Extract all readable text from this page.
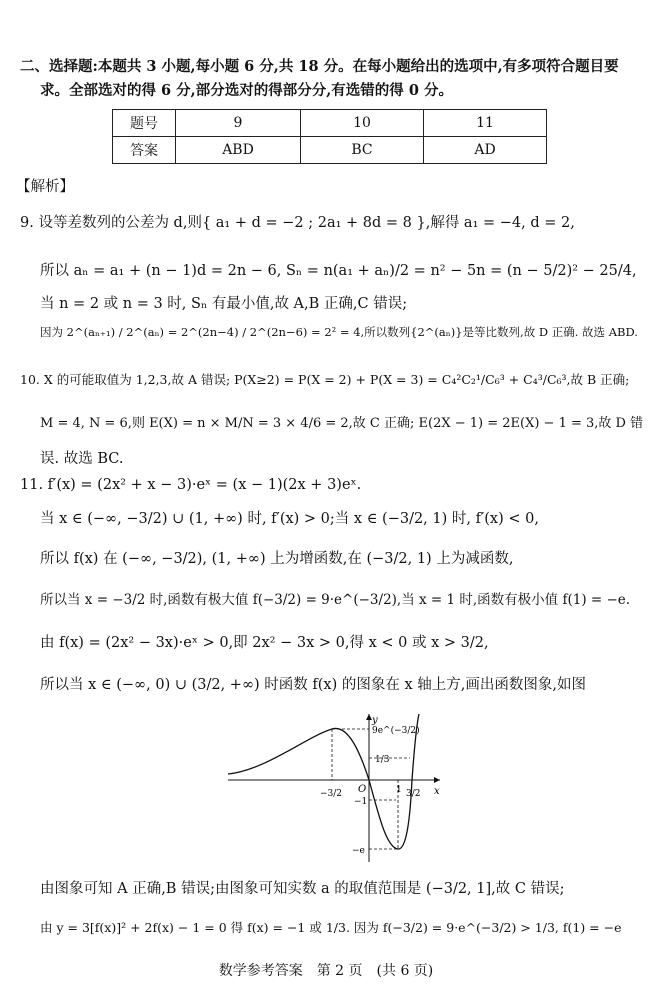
二、选择题:本题共 3 小题,每小题 6 分,共 18 分。在每小题给出的选项中,有多项符合题目要
求。全部选对的得 6 分,部分选对的得部分分,有选错的得 0 分。
题号	9	10	11
答案	ABD	BC	AD
【解析】
9. 设等差数列的公差为 d,则{ a₁ + d = −2 ; 2a₁ + 8d = 8 },解得 a₁ = −4, d = 2,
所以 aₙ = a₁ + (n − 1)d = 2n − 6, Sₙ = n(a₁ + aₙ)/2 = n² − 5n = (n − 5/2)² − 25/4,
当 n = 2 或 n = 3 时, Sₙ 有最小值,故 A,B 正确,C 错误;
因为 2^(aₙ₊₁) / 2^(aₙ) = 2^(2n−4) / 2^(2n−6) = 2² = 4,所以数列{2^(aₙ)}是等比数列,故 D 正确. 故选 ABD.
10. X 的可能取值为 1,2,3,故 A 错误; P(X≥2) = P(X = 2) + P(X = 3) = C₄²C₂¹/C₆³ + C₄³/C₆³,故 B 正确;
M = 4, N = 6,则 E(X) = n × M/N = 3 × 4/6 = 2,故 C 正确; E(2X − 1) = 2E(X) − 1 = 3,故 D 错
误. 故选 BC.
11. f′(x) = (2x² + x − 3)·eˣ = (x − 1)(2x + 3)eˣ.
当 x ∈ (−∞, −3/2) ∪ (1, +∞) 时, f′(x) > 0;当 x ∈ (−3/2, 1) 时, f′(x) < 0,
所以 f(x) 在 (−∞, −3/2), (1, +∞) 上为增函数,在 (−3/2, 1) 上为减函数,
所以当 x = −3/2 时,函数有极大值 f(−3/2) = 9·e^(−3/2),当 x = 1 时,函数有极小值 f(1) = −e.
由 f(x) = (2x² − 3x)·eˣ > 0,即 2x² − 3x > 0,得 x < 0 或 x > 3/2,
所以当 x ∈ (−∞, 0) ∪ (3/2, +∞) 时函数 f(x) 的图象在 x 轴上方,画出函数图象,如图
y
x
O
9e^(−3/2)
1/3
−1
−e
−3/2	1 3/2
由图象可知 A 正确,B 错误;由图象可知实数 a 的取值范围是 (−3/2, 1],故 C 错误;
由 y = 3[f(x)]² + 2f(x) − 1 = 0 得 f(x) = −1 或 1/3. 因为 f(−3/2) = 9·e^(−3/2) > 1/3, f(1) = −e
数学参考答案　第 2 页　(共 6 页)
